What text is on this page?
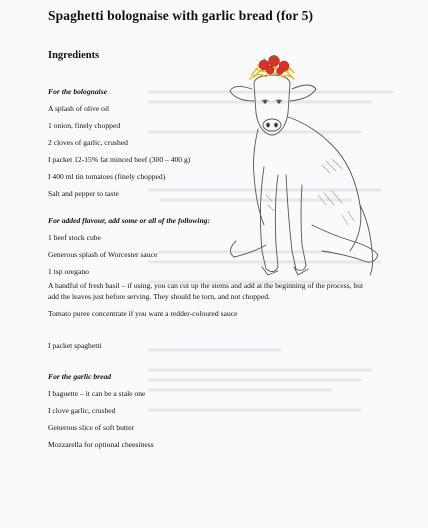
Spaghetti bolognaise with garlic bread (for 5)
Ingredients
For the bolognaise
A splash of olive oil
1 onion, finely chopped
2 cloves of garlic, crushed
I packet 12-15% fat minced beef (300 – 400 g)
I 400 ml tin tomatoes (finely chopped)
Salt and pepper to taste
For added flavour, add some or all of the following:
1 beef stock cube
Generous splash of Worcester sauce
1 tsp oregano
A handful of fresh basil – if using, you can cut up the stems and add at the beginning of the process, but add the leaves just before serving. They should be torn, and not chopped.
Tomato puree concentrate if you want a redder-coloured sauce
I packet spaghetti
For the garlic bread
I baguette – it can be a stale one
I clove garlic, crushed
Generous slice of soft butter
Mozzarella for optional cheesiness
